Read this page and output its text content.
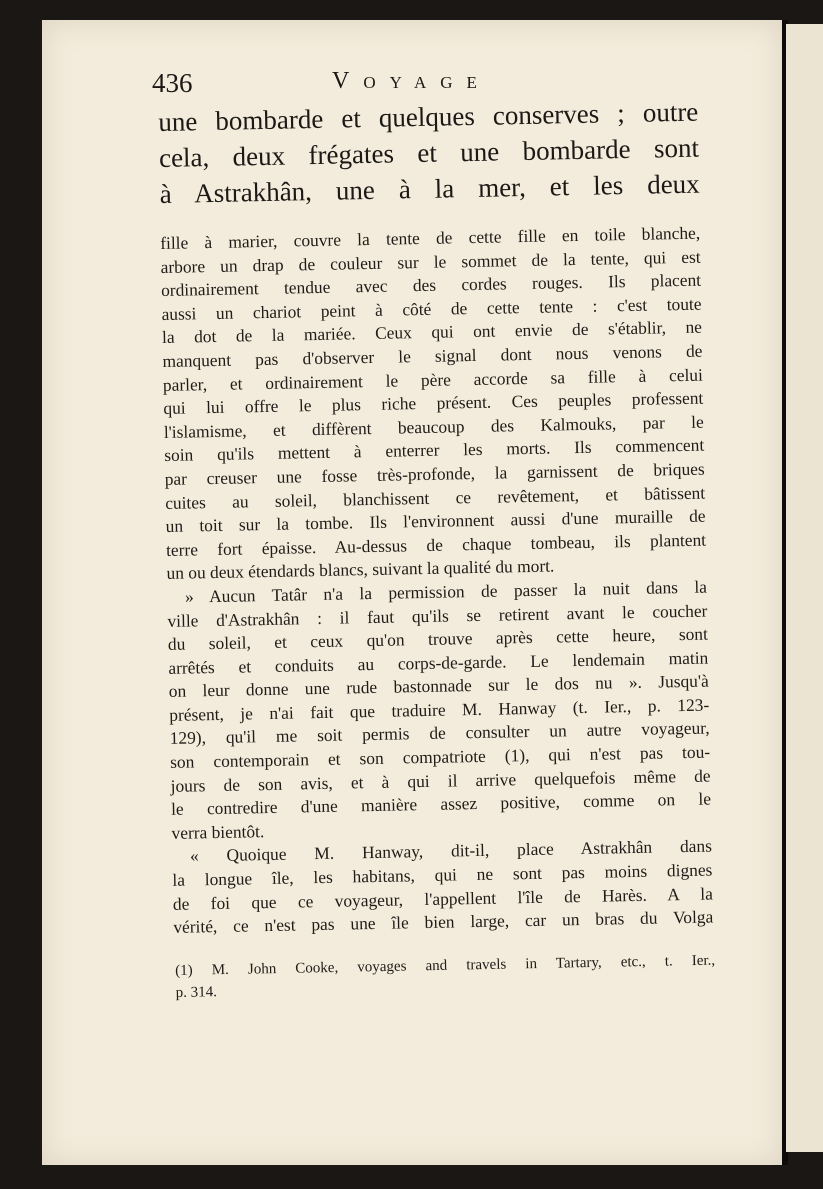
436	Voyage
une bombarde et quelques conserves ; outre
cela, deux frégates et une bombarde sont
à Astrakhân, une à la mer, et les deux
fille à marier, couvre la tente de cette fille en toile blanche,
arbore un drap de couleur sur le sommet de la tente, qui est
ordinairement tendue avec des cordes rouges. Ils placent
aussi un chariot peint à côté de cette tente : c'est toute
la dot de la mariée. Ceux qui ont envie de s'établir, ne
manquent pas d'observer le signal dont nous venons de
parler, et ordinairement le père accorde sa fille à celui
qui lui offre le plus riche présent. Ces peuples professent
l'islamisme, et diffèrent beaucoup des Kalmouks, par le
soin qu'ils mettent à enterrer les morts. Ils commencent
par creuser une fosse très-profonde, la garnissent de briques
cuites au soleil, blanchissent ce revêtement, et bâtissent
un toit sur la tombe. Ils l'environnent aussi d'une muraille de
terre fort épaisse. Au-dessus de chaque tombeau, ils plantent
un ou deux étendards blancs, suivant la qualité du mort.
» Aucun Tatâr n'a la permission de passer la nuit dans la
ville d'Astrakhân : il faut qu'ils se retirent avant le coucher
du soleil, et ceux qu'on trouve après cette heure, sont
arrêtés et conduits au corps-de-garde. Le lendemain matin
on leur donne une rude bastonnade sur le dos nu ». Jusqu'à
présent, je n'ai fait que traduire M. Hanway (t. Ier., p. 123-
129), qu'il me soit permis de consulter un autre voyageur,
son contemporain et son compatriote (1), qui n'est pas tou-
jours de son avis, et à qui il arrive quelquefois même de
le contredire d'une manière assez positive, comme on le
verra bientôt.
« Quoique M. Hanway, dit-il, place Astrakhân dans
la longue île, les habitans, qui ne sont pas moins dignes
de foi que ce voyageur, l'appellent l'île de Harès. A la
vérité, ce n'est pas une île bien large, car un bras du Volga
(1) M. John Cooke, voyages and travels in Tartary, etc., t. Ier.,
p. 314.
